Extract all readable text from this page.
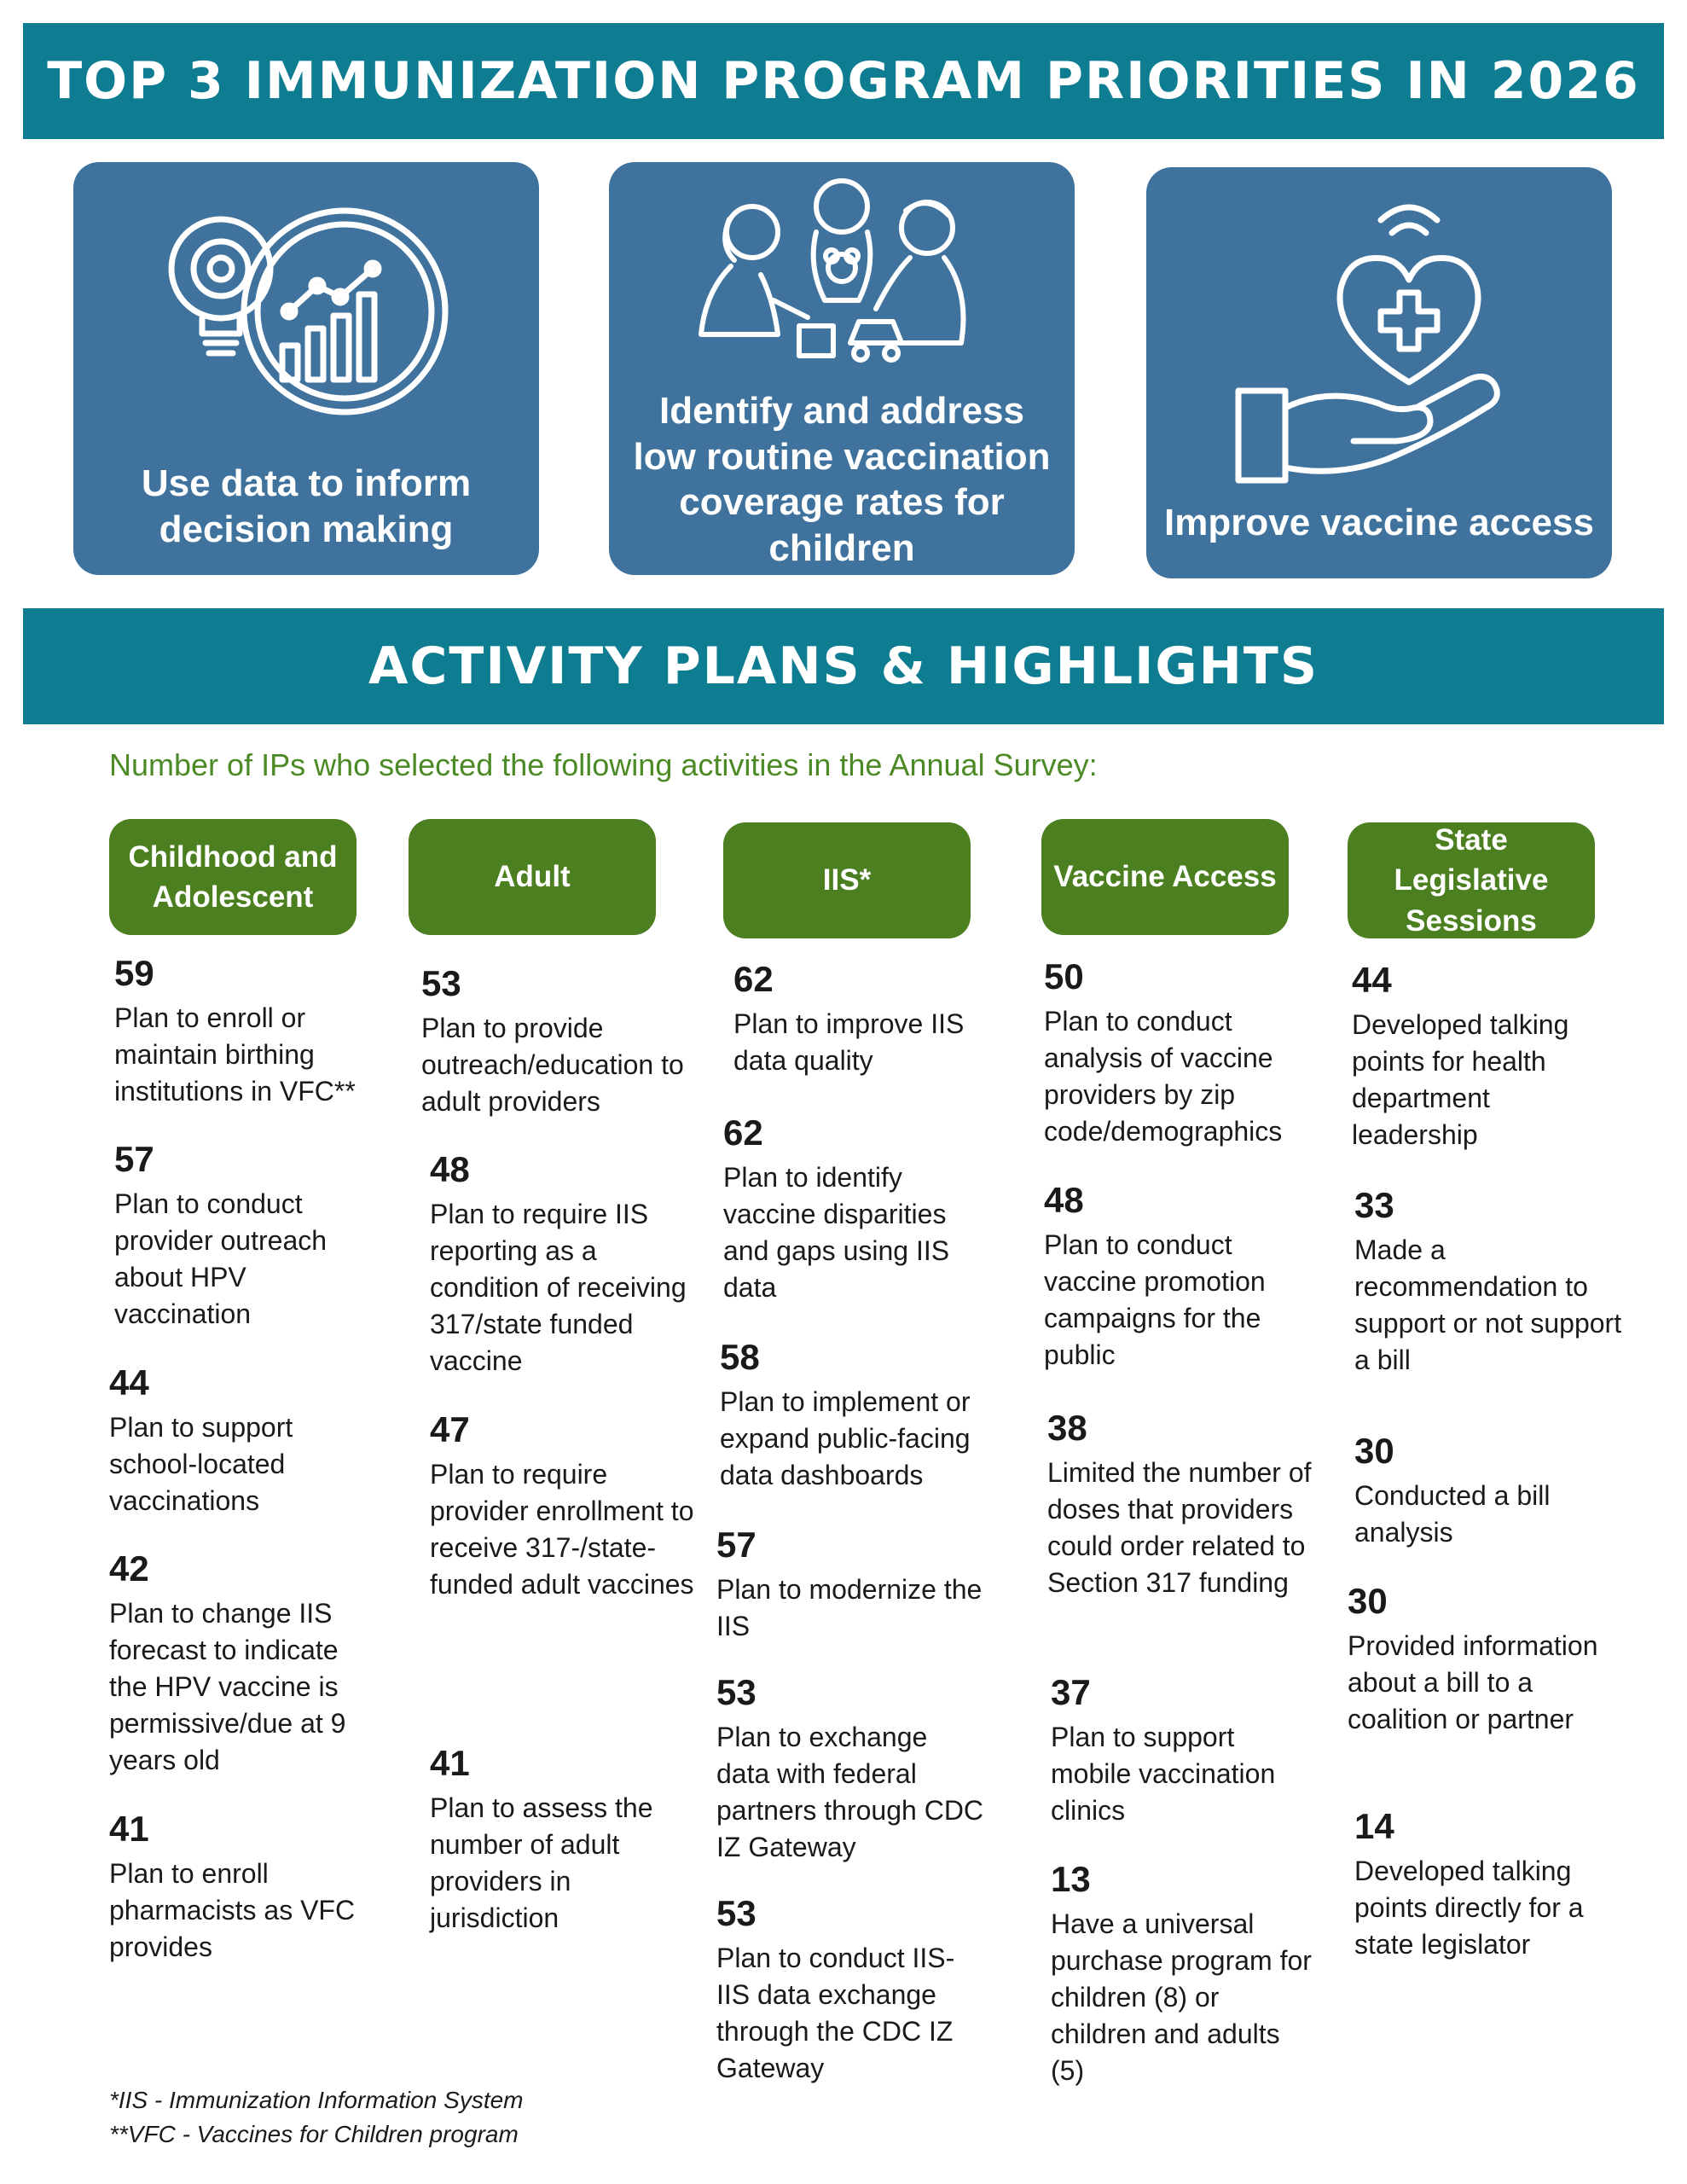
TOP 3 IMMUNIZATION PROGRAM PRIORITIES IN 2026
Use data to inform decision making
Identify and address low routine vaccination coverage rates for children
Improve vaccine access
ACTIVITY PLANS & HIGHLIGHTS
Number of IPs who selected the following activities in the Annual Survey:
Childhood and Adolescent
Adult	IIS*	Vaccine Access
State Legislative Sessions
59
Plan to enroll or maintain birthing institutions in VFC**
57
Plan to conduct provider outreach about HPV vaccination
44
Plan to support school-located vaccinations
42
Plan to change IIS forecast to indicate the HPV vaccine is permissive/due at 9 years old
41
Plan to enroll pharmacists as VFC provides
53
Plan to provide outreach/education to adult providers
48
Plan to require IIS reporting as a condition of receiving 317/state funded vaccine
47
Plan to require provider enrollment to receive 317-/state-funded adult vaccines
41
Plan to assess the number of adult providers in jurisdiction
62
Plan to improve IIS data quality
62
Plan to identify vaccine disparities and gaps using IIS data
58
Plan to implement or expand public-facing data dashboards
57
Plan to modernize the IIS
53
Plan to exchange data with federal partners through CDC IZ Gateway
53
Plan to conduct IIS-IIS data exchange through the CDC IZ Gateway
50
Plan to conduct analysis of vaccine providers by zip code/demographics
48
Plan to conduct vaccine promotion campaigns for the public
38
Limited the number of doses that providers could order related to Section 317 funding
37
Plan to support mobile vaccination clinics
13
Have a universal purchase program for children (8) or children and adults (5)
44
Developed talking points for health department leadership
33
Made a recommendation to support or not support a bill
30
Conducted a bill analysis
30
Provided information about a bill to a coalition or partner
14
Developed talking points directly for a state legislator
*IIS - Immunization Information System
**VFC - Vaccines for Children program
